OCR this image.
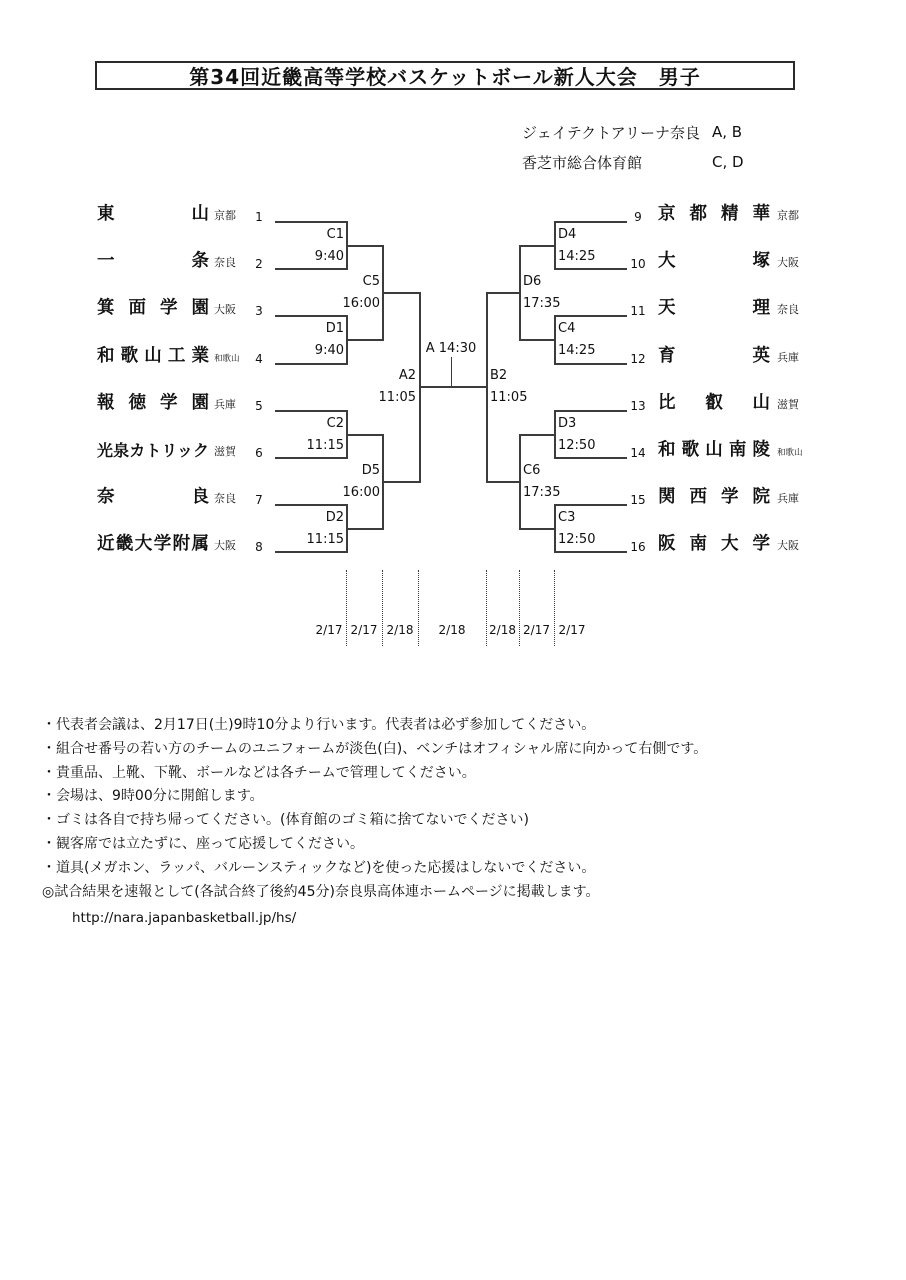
第34回近畿高等学校バスケットボール新人大会　男子
ジェイテクトアリーナ奈良 A, B
香芝市総合体育館	C, D
東山 京都	1
一条 奈良	2
箕面学園 大阪	3
和歌山工業 和歌山	4
報徳学園 兵庫	5
光泉カトリック 滋賀	6
奈良 奈良	7
近畿大学附属 大阪	8
9 京都精華 京都
10 大塚 大阪
11 天理 奈良
12 育英 兵庫
13 比叡山 滋賀
14 和歌山南陵 和歌山
15 関西学院 兵庫
16 阪南大学 大阪
C1
9:40
D1
9:40
C2
11:15
D2
11:15
C5
16:00
D5
16:00
A2
11:05
D4
14:25
C4
14:25
D3
12:50
C3
12:50
D6
17:35
C6
17:35
B2
11:05
A 14:30
2/17 2/17 2/18	2/18	2/18 2/17 2/17
・代表者会議は、2月17日(土)9時10分より行います。代表者は必ず参加してください。
・組合せ番号の若い方のチームのユニフォームが淡色(白)、ベンチはオフィシャル席に向かって右側です。
・貴重品、上靴、下靴、ボールなどは各チームで管理してください。
・会場は、9時00分に開館します。
・ゴミは各自で持ち帰ってください。(体育館のゴミ箱に捨てないでください)
・観客席では立たずに、座って応援してください。
・道具(メガホン、ラッパ、バルーンスティックなど)を使った応援はしないでください。
◎試合結果を速報として(各試合終了後約45分)奈良県高体連ホームページに掲載します。
http://nara.japanbasketball.jp/hs/
